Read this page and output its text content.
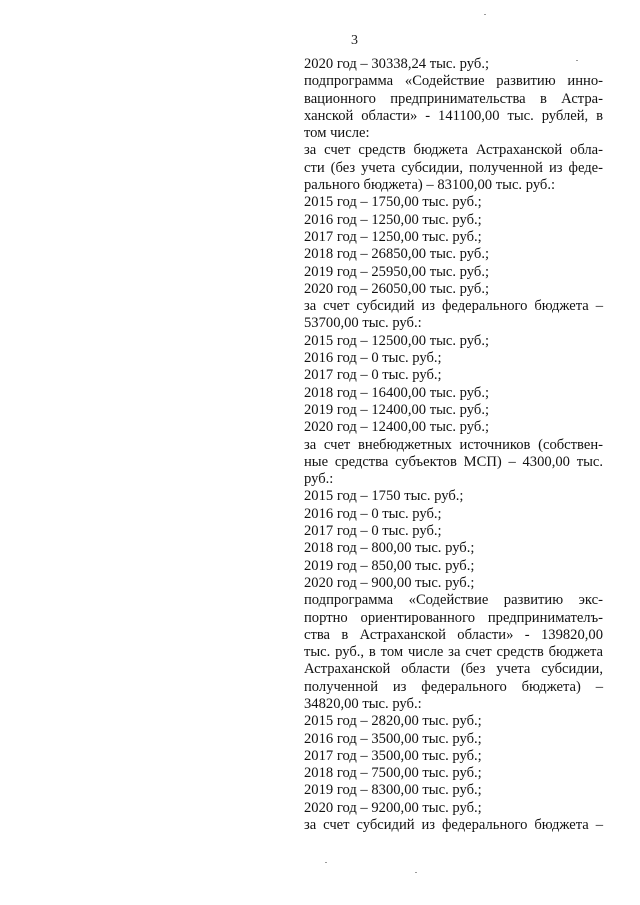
3
2020 год – 30338,24 тыс. руб.;
подпрограмма «Содействие развитию инно-
вационного предпринимательства в Астра-
ханской области» - 141100,00 тыс. рублей, в
том числе:
за счет средств бюджета Астраханской обла-
сти (без учета субсидии, полученной из феде-
рального бюджета) – 83100,00 тыс. руб.:
2015 год – 1750,00 тыс. руб.;
2016 год – 1250,00 тыс. руб.;
2017 год – 1250,00 тыс. руб.;
2018 год – 26850,00 тыс. руб.;
2019 год – 25950,00 тыс. руб.;
2020 год – 26050,00 тыс. руб.;
за счет субсидий из федерального бюджета –
53700,00 тыс. руб.:
2015 год – 12500,00 тыс. руб.;
2016 год – 0 тыс. руб.;
2017 год – 0 тыс. руб.;
2018 год – 16400,00 тыс. руб.;
2019 год – 12400,00 тыс. руб.;
2020 год – 12400,00 тыс. руб.;
за счет внебюджетных источников (собствен-
ные средства субъектов МСП) – 4300,00 тыс.
руб.:
2015 год – 1750 тыс. руб.;
2016 год – 0 тыс. руб.;
2017 год – 0 тыс. руб.;
2018 год – 800,00 тыс. руб.;
2019 год – 850,00 тыс. руб.;
2020 год – 900,00 тыс. руб.;
подпрограмма «Содействие развитию экс-
портно ориентированного предпринимателъ-
ства в Астраханской области» - 139820,00
тыс. руб., в том числе за счет средств бюджета
Астраханской области (без учета субсидии,
полученной из федерального бюджета) –
34820,00 тыс. руб.:
2015 год – 2820,00 тыс. руб.;
2016 год – 3500,00 тыс. руб.;
2017 год – 3500,00 тыс. руб.;
2018 год – 7500,00 тыс. руб.;
2019 год – 8300,00 тыс. руб.;
2020 год – 9200,00 тыс. руб.;
за счет субсидий из федерального бюджета –
